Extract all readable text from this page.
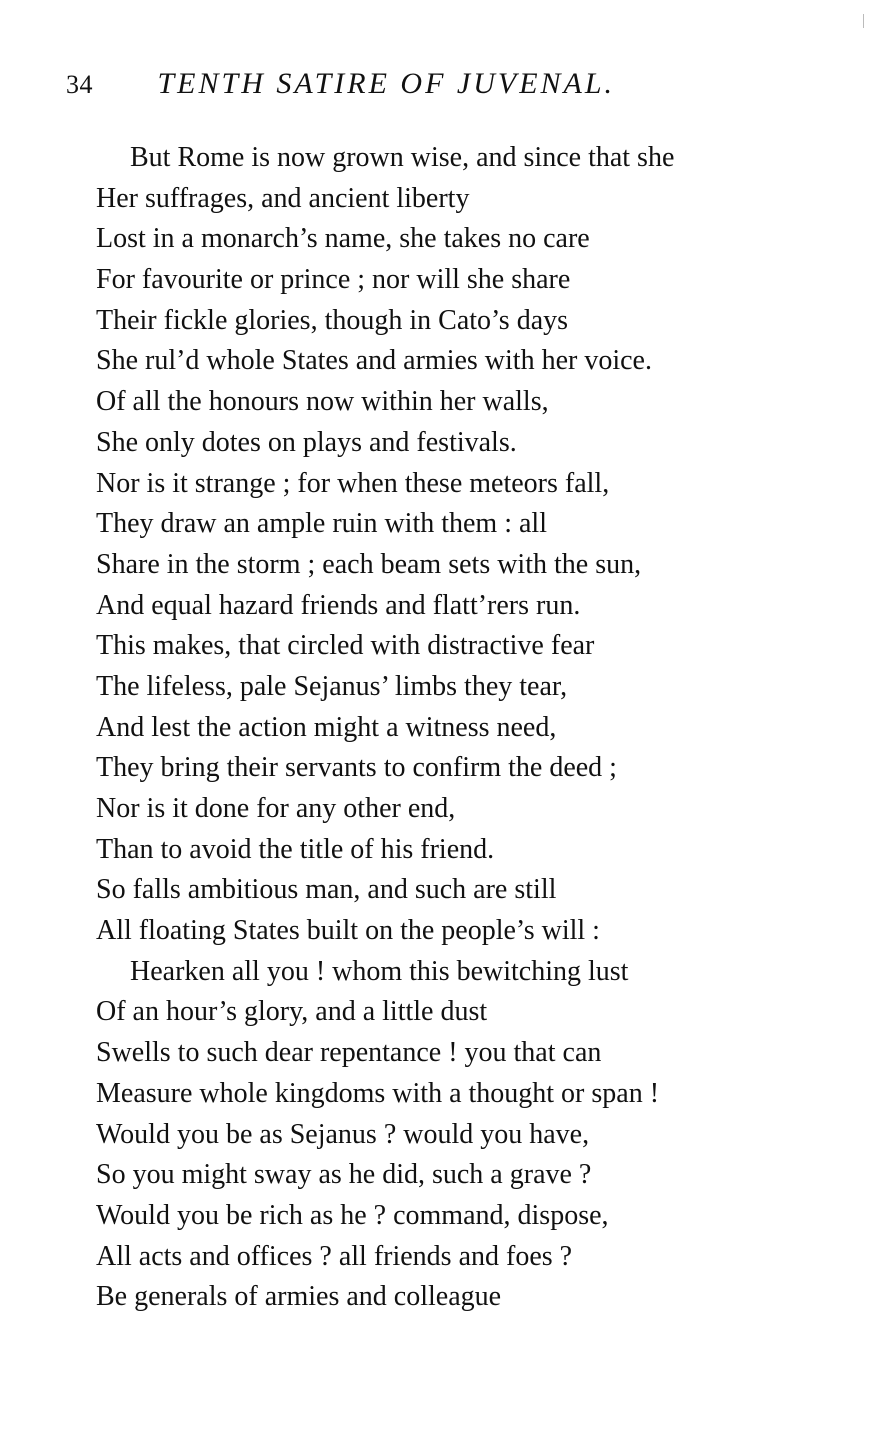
34 TENTH SATIRE OF JUVENAL.
But Rome is now grown wise, and since that she
Her suffrages, and ancient liberty
Lost in a monarch’s name, she takes no care
For favourite or prince ; nor will she share
Their fickle glories, though in Cato’s days
She rul’d whole States and armies with her voice.
Of all the honours now within her walls,
She only dotes on plays and festivals.
Nor is it strange ; for when these meteors fall,
They draw an ample ruin with them : all
Share in the storm ; each beam sets with the sun,
And equal hazard friends and flatt’rers run.
This makes, that circled with distractive fear
The lifeless, pale Sejanus’ limbs they tear,
And lest the action might a witness need,
They bring their servants to confirm the deed ;
Nor is it done for any other end,
Than to avoid the title of his friend.
So falls ambitious man, and such are still
All floating States built on the people’s will :
Hearken all you ! whom this bewitching lust
Of an hour’s glory, and a little dust
Swells to such dear repentance ! you that can
Measure whole kingdoms with a thought or span !
Would you be as Sejanus ? would you have,
So you might sway as he did, such a grave ?
Would you be rich as he ? command, dispose,
All acts and offices ? all friends and foes ?
Be generals of armies and colleague
